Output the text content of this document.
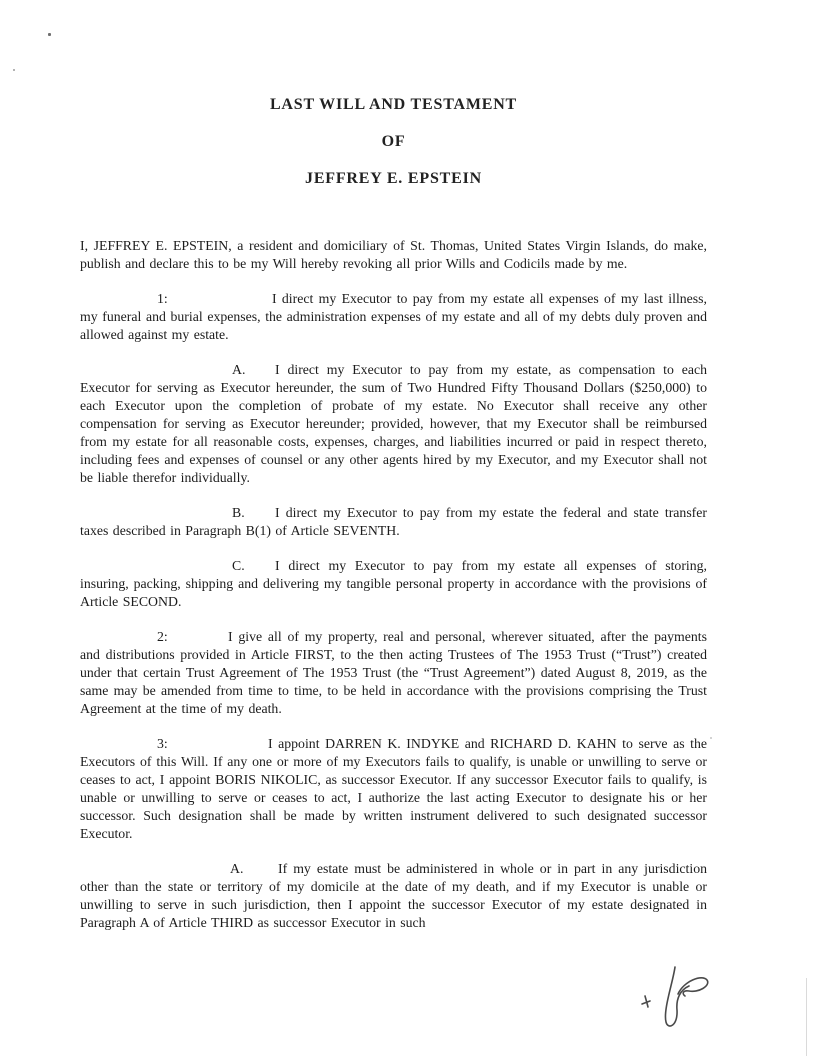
LAST WILL AND TESTAMENT

OF

JEFFREY E. EPSTEIN

I, JEFFREY E. EPSTEIN, a resident and domiciliary of St. Thomas, United States Virgin Islands, do make, publish and declare this to be my Will hereby revoking all prior Wills and Codicils made by me.

1:	I direct my Executor to pay from my estate all expenses of my last illness, my funeral and burial expenses, the administration expenses of my estate and all of my debts duly proven and allowed against my estate.

A. I direct my Executor to pay from my estate, as compensation to each Executor for serving as Executor hereunder, the sum of Two Hundred Fifty Thousand Dollars ($250,000) to each Executor upon the completion of probate of my estate. No Executor shall receive any other compensation for serving as Executor hereunder; provided, however, that my Executor shall be reimbursed from my estate for all reasonable costs, expenses, charges, and liabilities incurred or paid in respect thereto, including fees and expenses of counsel or any other agents hired by my Executor, and my Executor shall not be liable therefor individually.

B. I direct my Executor to pay from my estate the federal and state transfer taxes described in Paragraph B(1) of Article SEVENTH.

C. I direct my Executor to pay from my estate all expenses of storing, insuring, packing, shipping and delivering my tangible personal property in accordance with the provisions of Article SECOND.

2:	I give all of my property, real and personal, wherever situated, after the payments and distributions provided in Article FIRST, to the then acting Trustees of The 1953 Trust (“Trust”) created under that certain Trust Agreement of The 1953 Trust (the “Trust Agreement”) dated August 8, 2019, as the same may be amended from time to time, to be held in accordance with the provisions comprising the Trust Agreement at the time of my death.

3:	I appoint DARREN K. INDYKE and RICHARD D. KAHN to serve as the Executors of this Will. If any one or more of my Executors fails to qualify, is unable or unwilling to serve or ceases to act, I appoint BORIS NIKOLIC, as successor Executor. If any successor Executor fails to qualify, is unable or unwilling to serve or ceases to act, I authorize the last acting Executor to designate his or her successor. Such designation shall be made by written instrument delivered to such designated successor Executor.

A.	If my estate must be administered in whole or in part in any jurisdiction other than the state or territory of my domicile at the date of my death, and if my Executor is unable or unwilling to serve in such jurisdiction, then I appoint the successor Executor of my estate designated in Paragraph A of Article THIRD as successor Executor in such
